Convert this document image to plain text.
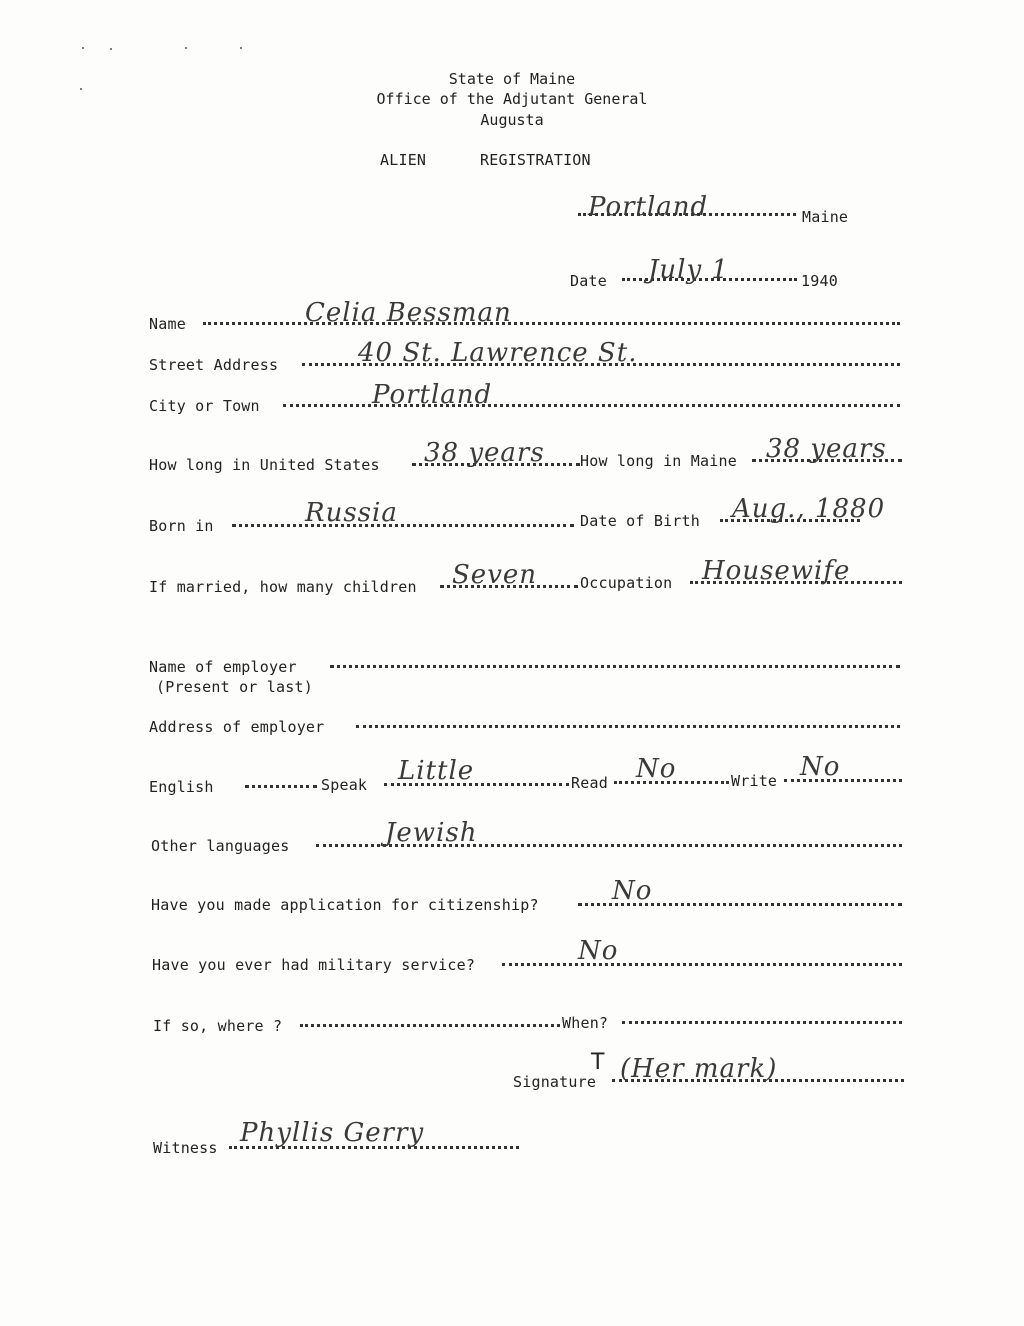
State of Maine
Office of the Adjutant General
Augusta
ALIEN	REGISTRATION
Portland	Maine
Date July 1	1940
Name	Celia Bessman
Street Address	40 St. Lawrence St.
City or Town	Portland
How long in United States 38 years How long in Maine 38 years
Born in	Russia	Date of Birth Aug., 1880
If married, how many children Seven	Occupation Housewife
Name of employer
(Present or last)
Address of employer
English	Speak Little	Read No	Write No
Other languages	Jewish
Have you made application for citizenship?	No
Have you ever had military service?	No
If so, where ?	When?
T
Signature (Her mark)
Witness Phyllis Gerry
